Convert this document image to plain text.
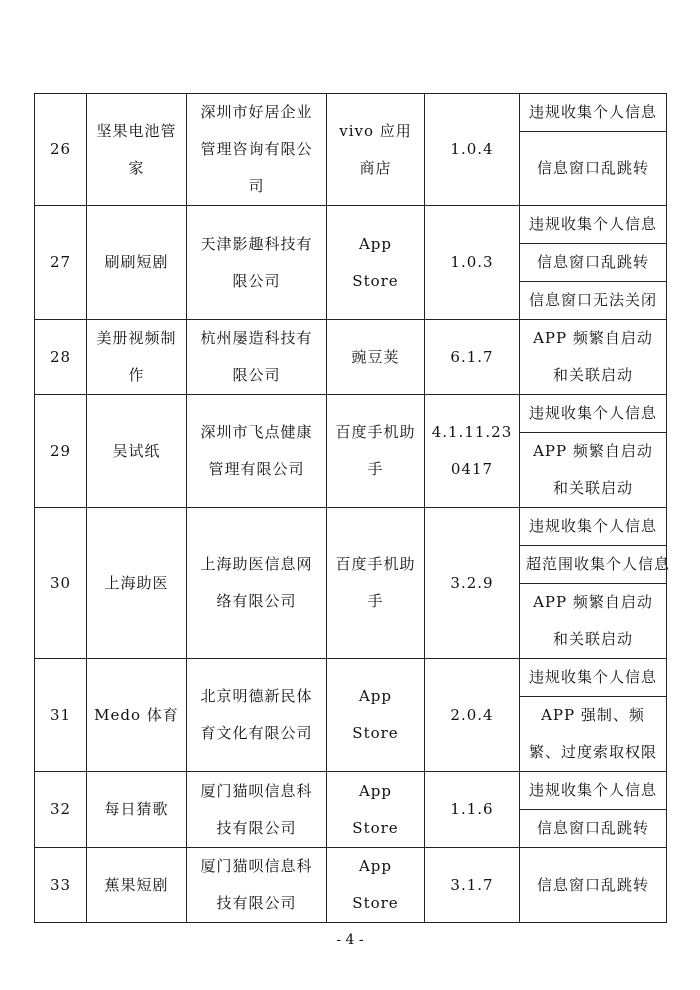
26	坚果电池管家	深圳市好居企业管理咨询有限公司	vivo 应用商店	1.0.4	违规收集个人信息
					信息窗口乱跳转

27	刷刷短剧	天津影趣科技有限公司	App Store	1.0.3	违规收集个人信息
					信息窗口乱跳转
					信息窗口无法关闭
28	美册视频制作	杭州屡造科技有限公司	豌豆荚	6.1.7	APP 频繁自启动和关联启动
29	吴试纸	深圳市飞点健康管理有限公司	百度手机助手	4.1.11.230417	违规收集个人信息
					APP 频繁自启动和关联启动

30	上海助医	上海助医信息网络有限公司	百度手机助手	3.2.9	违规收集个人信息
					超范围收集个人信息
					APP 频繁自启动和关联启动

31	Medo 体育	北京明德新民体育文化有限公司	App Store	2.0.4	违规收集个人信息
					APP 强制、频繁、过度索取权限

32	每日猜歌	厦门猫呗信息科技有限公司	App Store	1.1.6	违规收集个人信息
					信息窗口乱跳转
33	蕉果短剧	厦门猫呗信息科技有限公司	App Store	3.1.7	信息窗口乱跳转
- 4 -
